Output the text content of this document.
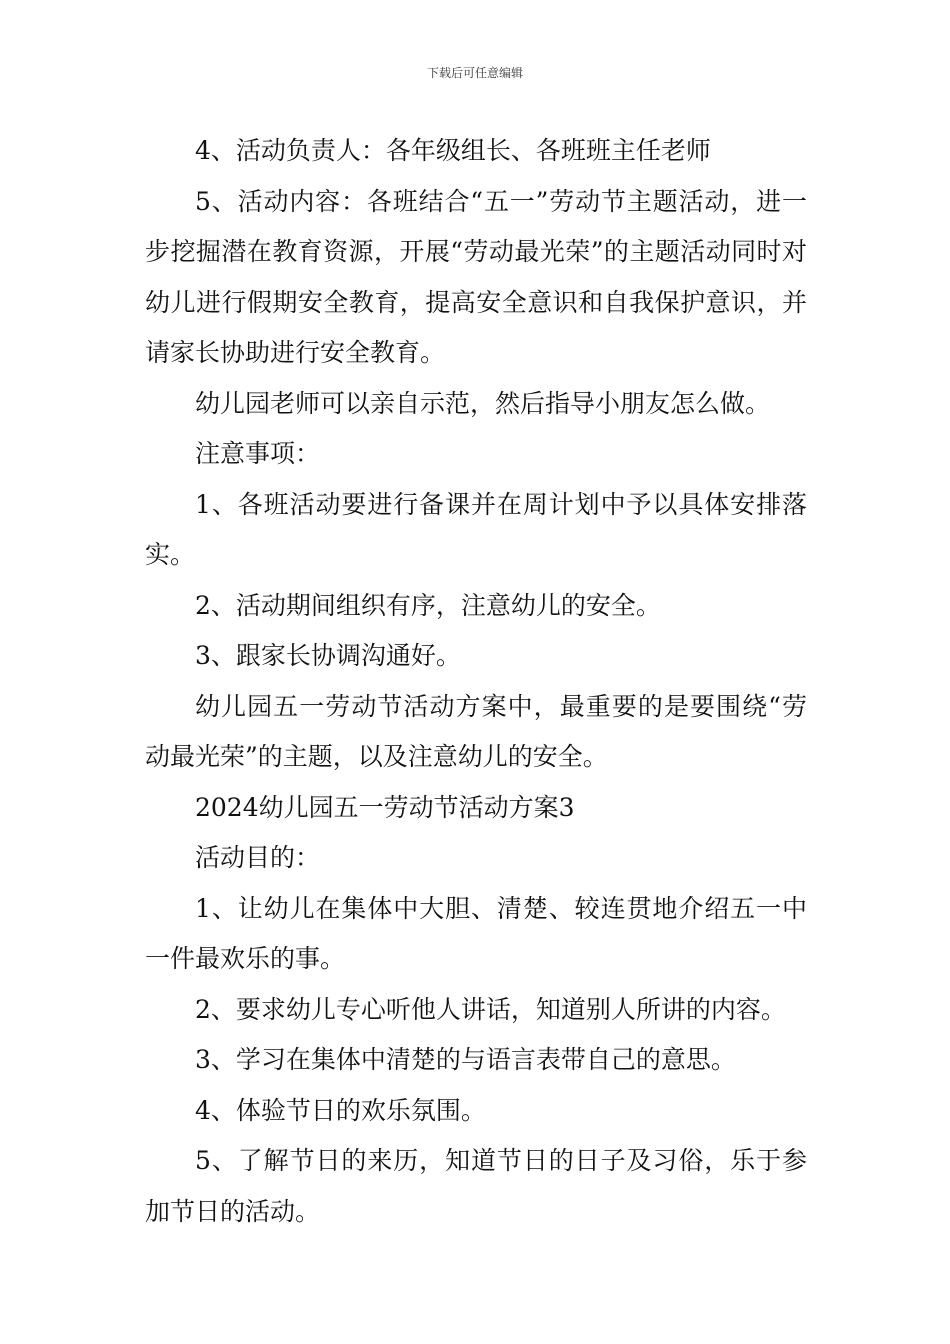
下载后可任意编辑

4、活动负责人：各年级组长、各班班主任老师

5、活动内容：各班结合“五一”劳动节主题活动，进一步挖掘潜在教育资源，开展“劳动最光荣”的主题活动同时对幼儿进行假期安全教育，提高安全意识和自我保护意识，并请家长协助进行安全教育。

幼儿园老师可以亲自示范，然后指导小朋友怎么做。

注意事项：

1、各班活动要进行备课并在周计划中予以具体安排落实。

2、活动期间组织有序，注意幼儿的安全。

3、跟家长协调沟通好。

幼儿园五一劳动节活动方案中，最重要的是要围绕“劳动最光荣”的主题，以及注意幼儿的安全。

2024幼儿园五一劳动节活动方案3

活动目的：

1、让幼儿在集体中大胆、清楚、较连贯地介绍五一中一件最欢乐的事。

2、要求幼儿专心听他人讲话，知道别人所讲的内容。

3、学习在集体中清楚的与语言表带自己的意思。

4、体验节日的欢乐氛围。

5、了解节日的来历，知道节日的日子及习俗，乐于参加节日的活动。
